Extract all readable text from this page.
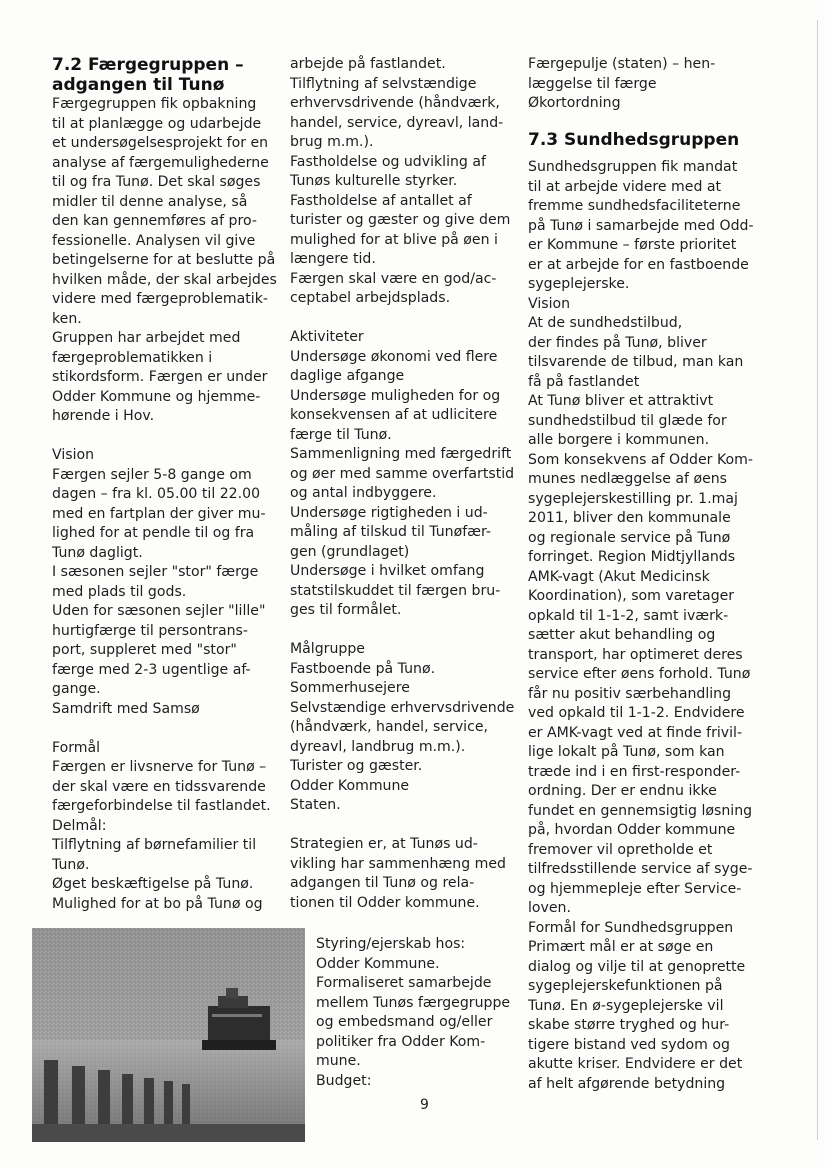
7.2 Færgegruppen –
adgangen til Tunø
Færgegruppen fik opbakning
til at planlægge og udarbejde
et undersøgelsesprojekt for en
analyse af færgemulighederne
til og fra Tunø. Det skal søges
midler til denne analyse, så
den kan gennemføres af pro-
fessionelle. Analysen vil give
betingelserne for at beslutte på
hvilken måde, der skal arbejdes
videre med færgeproblematik-
ken.
Gruppen har arbejdet med
færgeproblematikken i
stikordsform. Færgen er under
Odder Kommune og hjemme-
hørende i Hov.
Vision
Færgen sejler 5-8 gange om
dagen – fra kl. 05.00 til 22.00
med en fartplan der giver mu-
lighed for at pendle til og fra
Tunø dagligt.
I sæsonen sejler "stor" færge
med plads til gods.
Uden for sæsonen sejler "lille"
hurtigfærge til persontrans-
port, suppleret med "stor"
færge med 2-3 ugentlige af-
gange.
Samdrift med Samsø
Formål
Færgen er livsnerve for Tunø –
der skal være en tidssvarende
færgeforbindelse til fastlandet.
Delmål:
Tilflytning af børnefamilier til
Tunø.
Øget beskæftigelse på Tunø.
Mulighed for at bo på Tunø og
arbejde på fastlandet.
Tilflytning af selvstændige
erhvervsdrivende (håndværk,
handel, service, dyreavl, land-
brug m.m.).
Fastholdelse og udvikling af
Tunøs kulturelle styrker.
Fastholdelse af antallet af
turister og gæster og give dem
mulighed for at blive på øen i
længere tid.
Færgen skal være en god/ac-
ceptabel arbejdsplads.
Aktiviteter
Undersøge økonomi ved flere
daglige afgange
Undersøge muligheden for og
konsekvensen af at udlicitere
færge til Tunø.
Sammenligning med færgedrift
og øer med samme overfartstid
og antal indbyggere.
Undersøge rigtigheden i ud-
måling af tilskud til Tunøfær-
gen (grundlaget)
Undersøge i hvilket omfang
statstilskuddet til færgen bru-
ges til formålet.
Målgruppe
Fastboende på Tunø.
Sommerhusejere
Selvstændige erhvervsdrivende
(håndværk, handel, service,
dyreavl, landbrug m.m.).
Turister og gæster.
Odder Kommune
Staten.
Strategien er, at Tunøs ud-
vikling har sammenhæng med
adgangen til Tunø og rela-
tionen til Odder kommune.
Styring/ejerskab hos:
Odder Kommune.
Formaliseret samarbejde
mellem Tunøs færgegruppe
og embedsmand og/eller
politiker fra Odder Kom-
mune.
Budget:
Færgepulje (staten) – hen-
læggelse til færge
Økortordning
7.3 Sundhedsgruppen
Sundhedsgruppen fik mandat
til at arbejde videre med at
fremme sundhedsfaciliteterne
på Tunø i samarbejde med Odd-
er Kommune – første prioritet
er at arbejde for en fastboende
sygeplejerske.
Vision
At de sundhedstilbud,
der findes på Tunø, bliver
tilsvarende de tilbud, man kan
få på fastlandet
At Tunø bliver et attraktivt
sundhedstilbud til glæde for
alle borgere i kommunen.
Som konsekvens af Odder Kom-
munes nedlæggelse af øens
sygeplejerskestilling pr. 1.maj
2011, bliver den kommunale
og regionale service på Tunø
forringet. Region Midtjyllands
AMK-vagt (Akut Medicinsk
Koordination), som varetager
opkald til 1-1-2, samt iværk-
sætter akut behandling og
transport, har optimeret deres
service efter øens forhold. Tunø
får nu positiv særbehandling
ved opkald til 1-1-2. Endvidere
er AMK-vagt ved at finde frivil-
lige lokalt på Tunø, som kan
træde ind i en first-responder-
ordning. Der er endnu ikke
fundet en gennemsigtig løsning
på, hvordan Odder kommune
fremover vil opretholde et
tilfredsstillende service af syge-
og hjemmepleje efter Service-
loven.
Formål for Sundhedsgruppen
Primært mål er at søge en
dialog og vilje til at genoprette
sygeplejerskefunktionen på
Tunø. En ø-sygeplejerske vil
skabe større tryghed og hur-
tigere bistand ved sydom og
akutte kriser. Endvidere er det
af helt afgørende betydning
9
